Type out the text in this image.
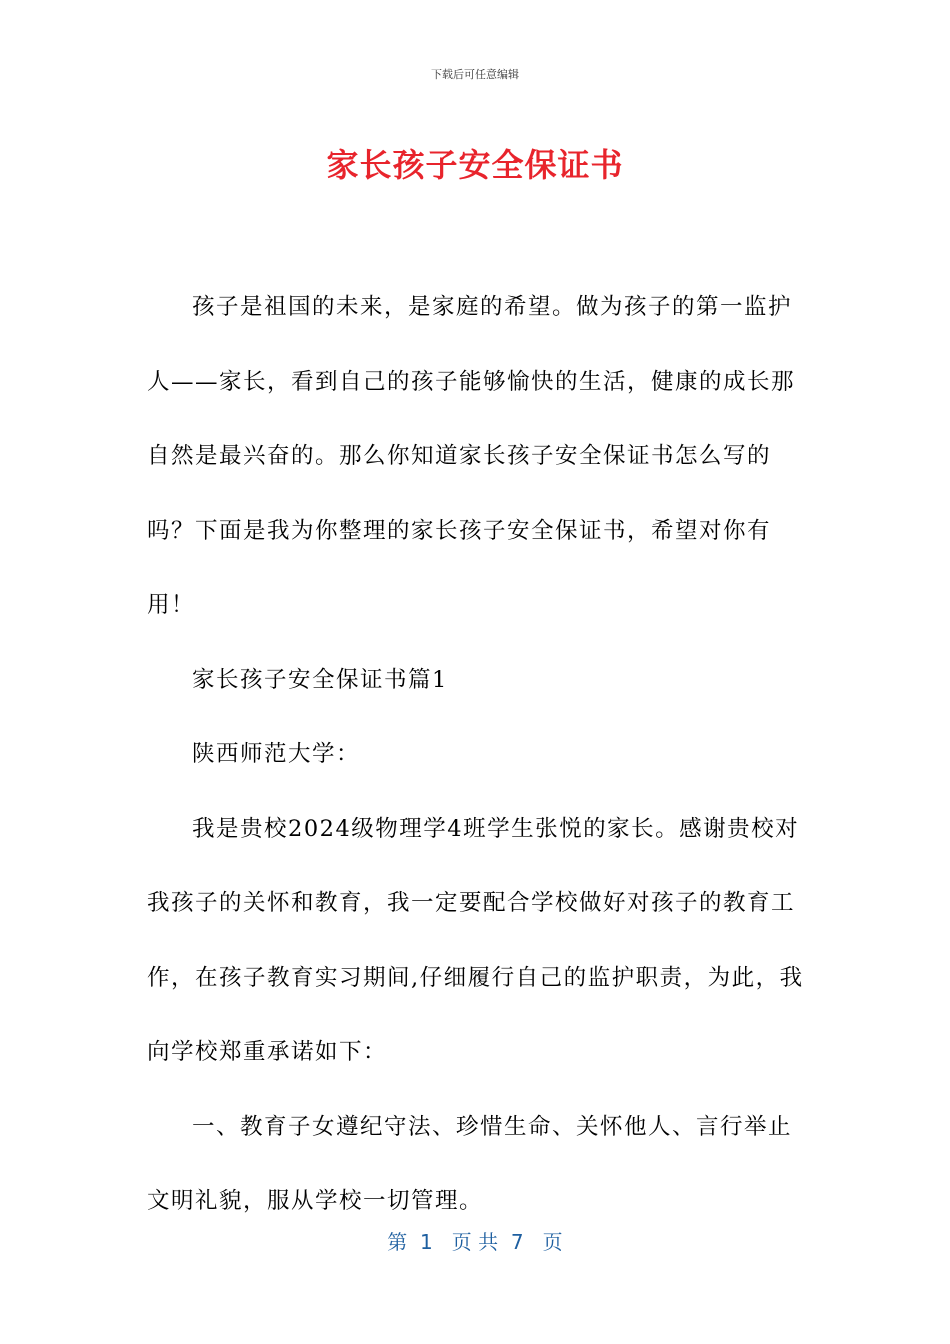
下载后可任意编辑
家长孩子安全保证书

孩子是祖国的未来，是家庭的希望。做为孩子的第一监护人——家长，看到自己的孩子能够愉快的生活，健康的成长那自然是最兴奋的。那么你知道家长孩子安全保证书怎么写的吗？下面是我为你整理的家长孩子安全保证书，希望对你有用！

家长孩子安全保证书篇1

陕西师范大学：

我是贵校2024级物理学4班学生张悦的家长。感谢贵校对我孩子的关怀和教育，我一定要配合学校做好对孩子的教育工作，在孩子教育实习期间,仔细履行自己的监护职责，为此，我向学校郑重承诺如下：

一、教育子女遵纪守法、珍惜生命、关怀他人、言行举止文明礼貌，服从学校一切管理。

第  1   页 共  7   页
